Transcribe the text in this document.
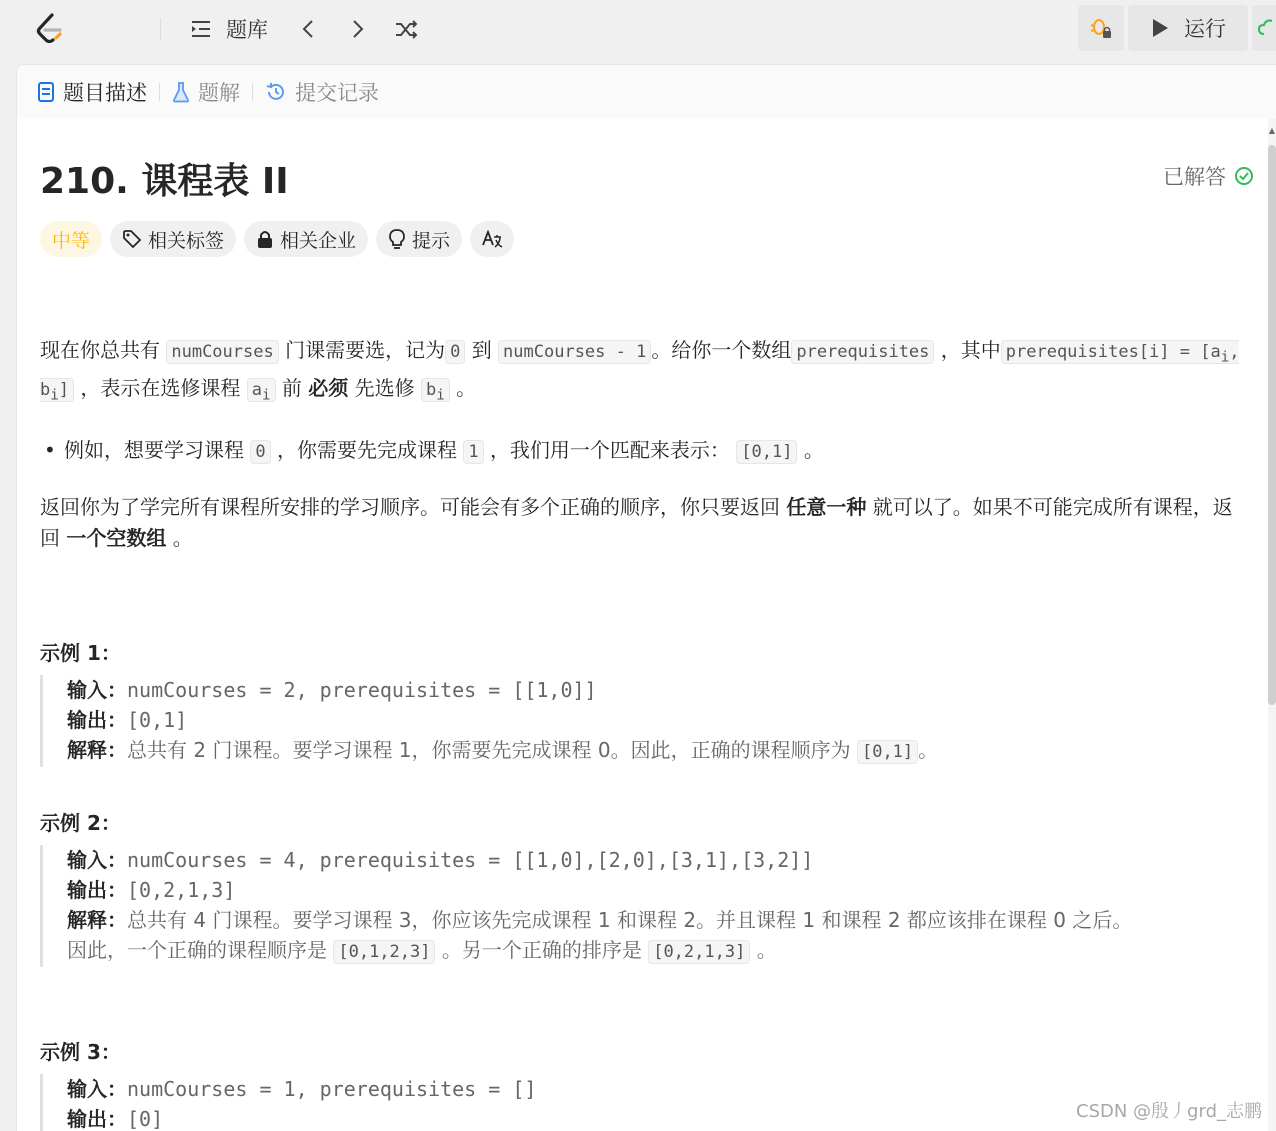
题库	运行
题目描述 题解	提交记录
▲
210. 课程表 II	已解答
中等	相关标签	相关企业	提示
现在你总共有 numCourses 门课需要选，记为 0 到 numCourses - 1 。给你一个数组 prerequisites ，其中 prerequisites[i] = [$a_i$, $b_i$] ，表示在选修课程 $a_i$ 前 必须 先选修 $b_i$ 。
• 例如，想要学习课程 0 ，你需要先完成课程 1 ，我们用一个匹配来表示： [0,1] 。
返回你为了学完所有课程所安排的学习顺序。可能会有多个正确的顺序，你只要返回 任意一种 就可以了。如果不可能完成所有课程，返回 一个空数组 。
示例 1：
输入：numCourses = 2, prerequisites = [[1,0]]
输出：[0,1]
解释：总共有 2 门课程。要学习课程 1，你需要先完成课程 0。因此，正确的课程顺序为 [0,1] 。
示例 2：
输入：numCourses = 4, prerequisites = [[1,0],[2,0],[3,1],[3,2]]
输出：[0,2,1,3]
解释：总共有 4 门课程。要学习课程 3，你应该先完成课程 1 和课程 2。并且课程 1 和课程 2 都应该排在课程 0 之后。
因此，一个正确的课程顺序是 [0,1,2,3] 。另一个正确的排序是 [0,2,1,3] 。
示例 3：
输入：numCourses = 1, prerequisites = []
输出：[0]	CSDN @殷丿grd_志鹏
